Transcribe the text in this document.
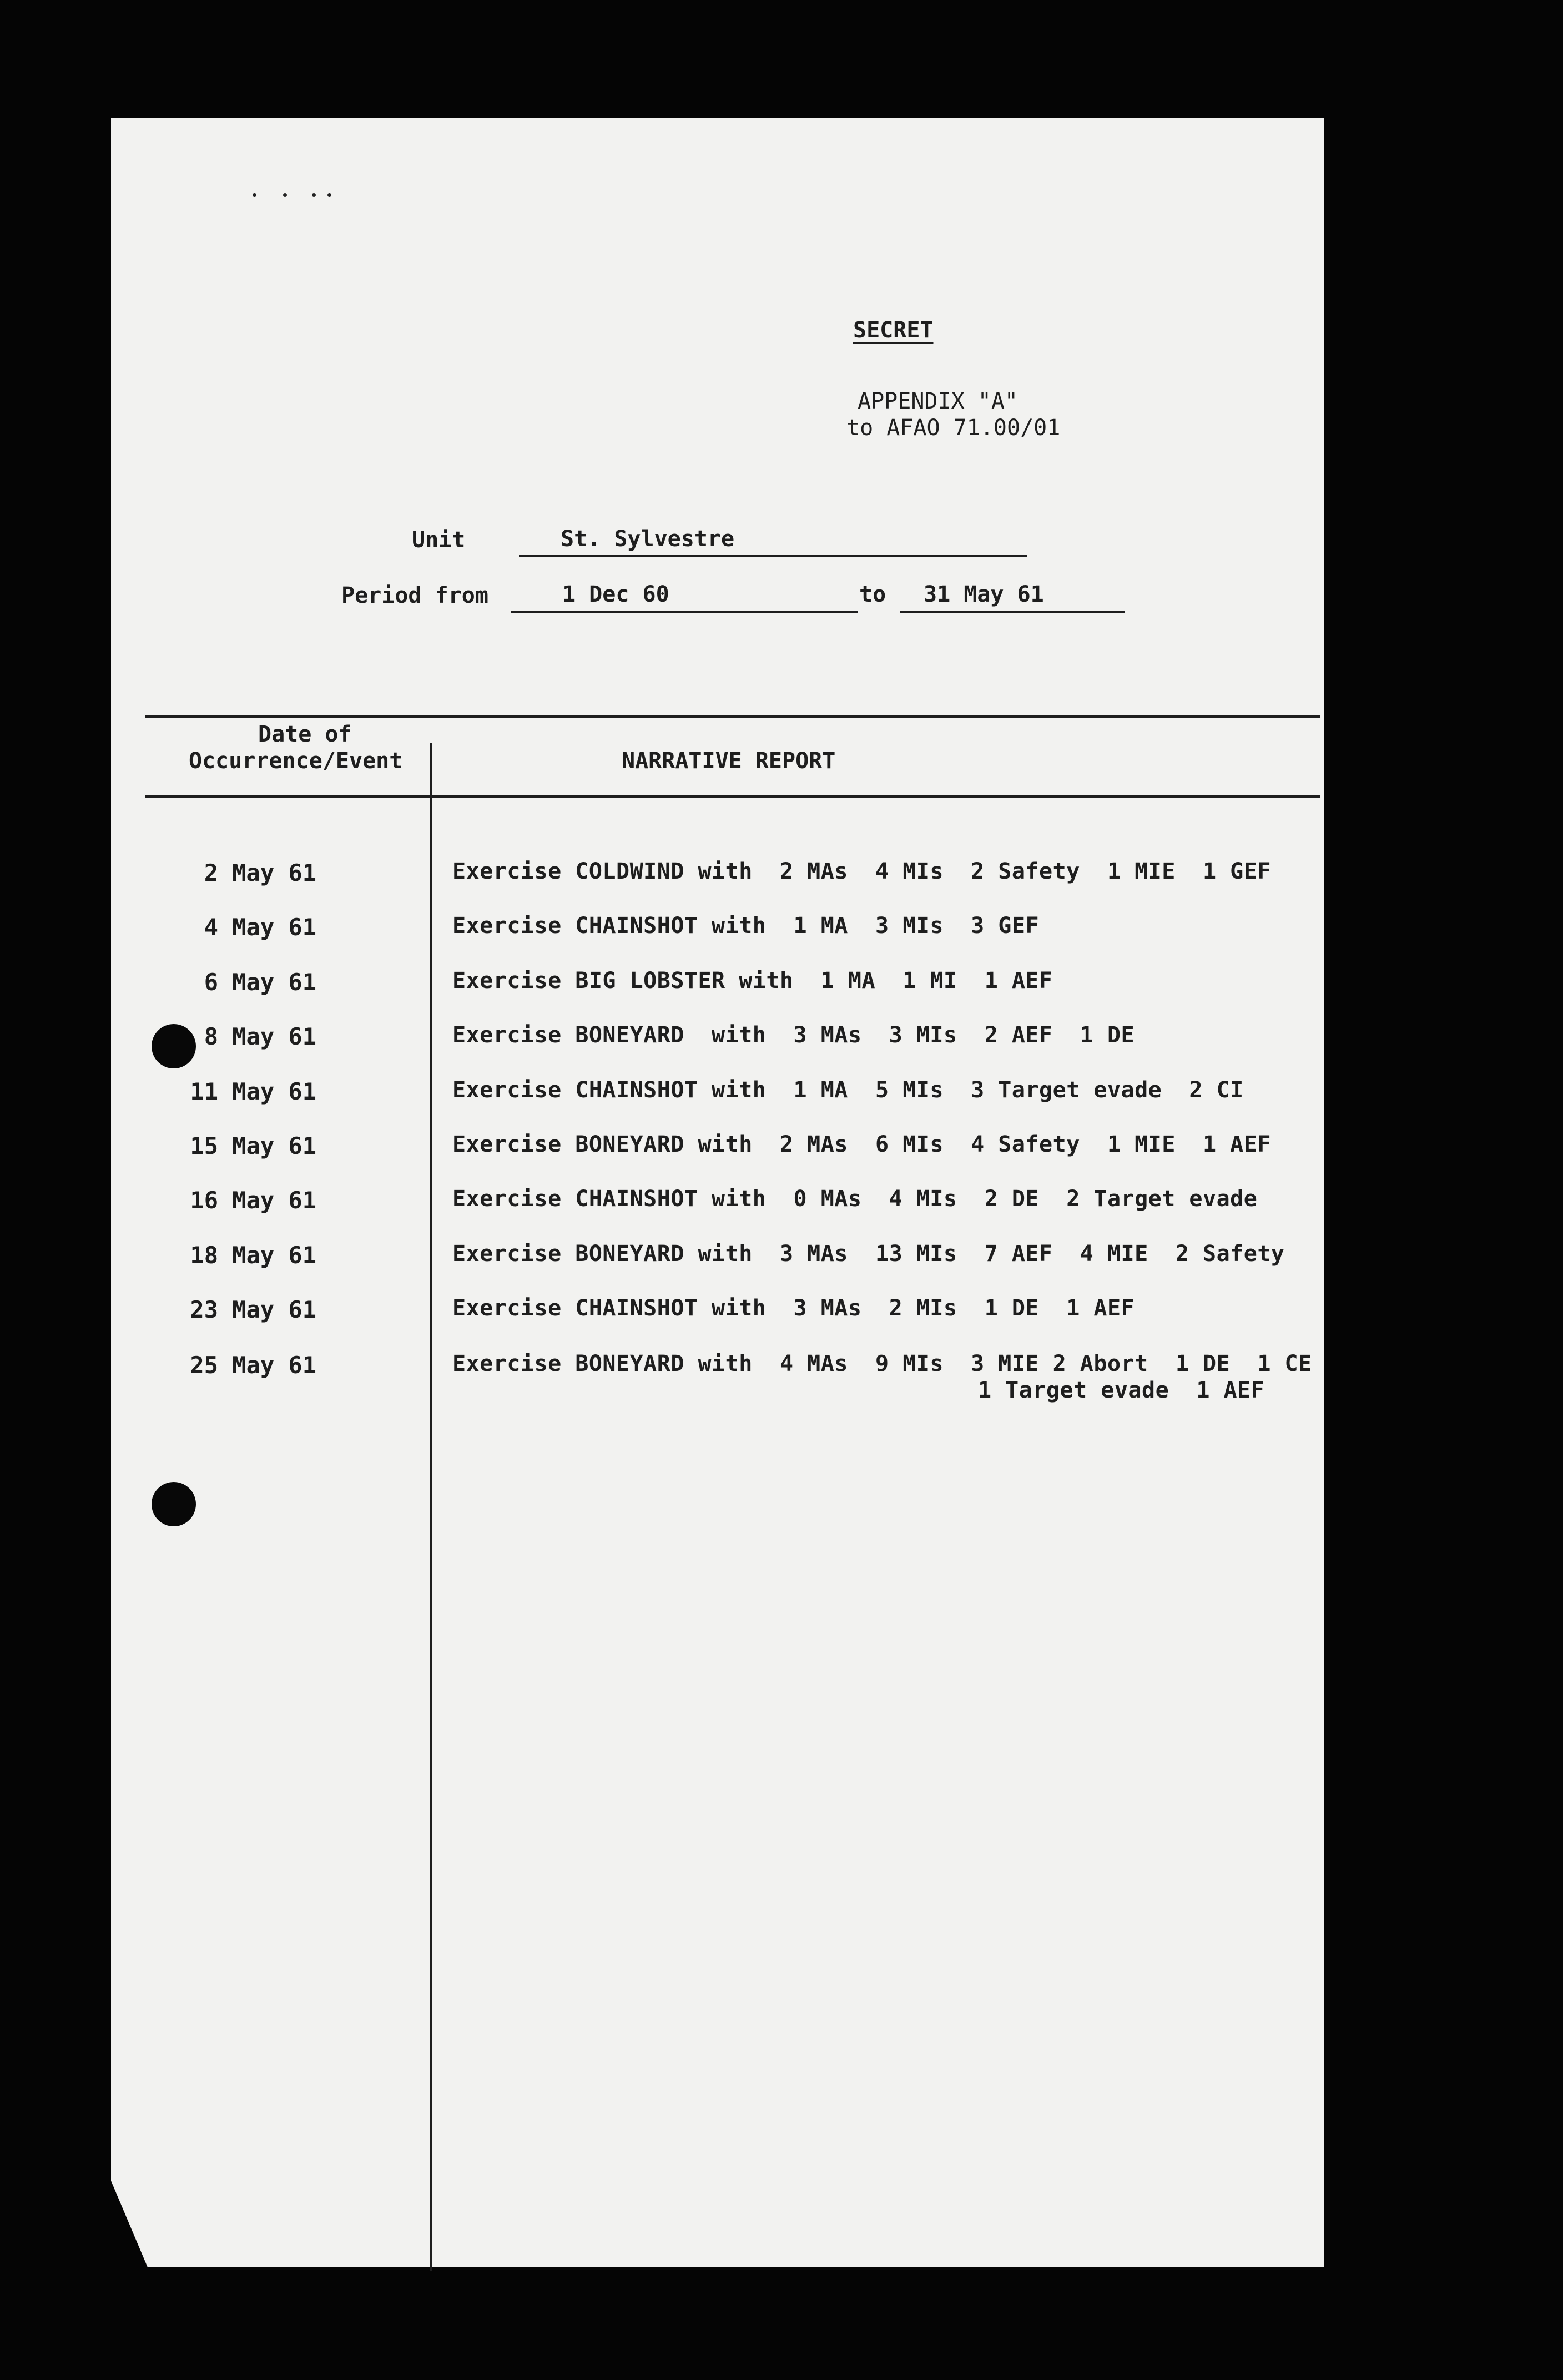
SECRET
APPENDIX "A"
to AFAO 71.00/01
Unit	St. Sylvestre
Period from	1 Dec 60	to 31 May 61
Date of
Occurrence/Event	NARRATIVE REPORT
2 May 61	Exercise COLDWIND with  2 MAs  4 MIs  2 Safety  1 MIE  1 GEF
4 May 61	Exercise CHAINSHOT with  1 MA  3 MIs  3 GEF
6 May 61	Exercise BIG LOBSTER with  1 MA  1 MI  1 AEF
8 May 61	Exercise BONEYARD  with  3 MAs  3 MIs  2 AEF  1 DE
11 May 61	Exercise CHAINSHOT with  1 MA  5 MIs  3 Target evade  2 CI
15 May 61	Exercise BONEYARD with  2 MAs  6 MIs  4 Safety  1 MIE  1 AEF
16 May 61	Exercise CHAINSHOT with  0 MAs  4 MIs  2 DE  2 Target evade
18 May 61	Exercise BONEYARD with  3 MAs  13 MIs  7 AEF  4 MIE  2 Safety
23 May 61	Exercise CHAINSHOT with  3 MAs  2 MIs  1 DE  1 AEF
25 May 61	Exercise BONEYARD with  4 MAs  9 MIs  3 MIE 2 Abort  1 DE  1 CE
1 Target evade  1 AEF
